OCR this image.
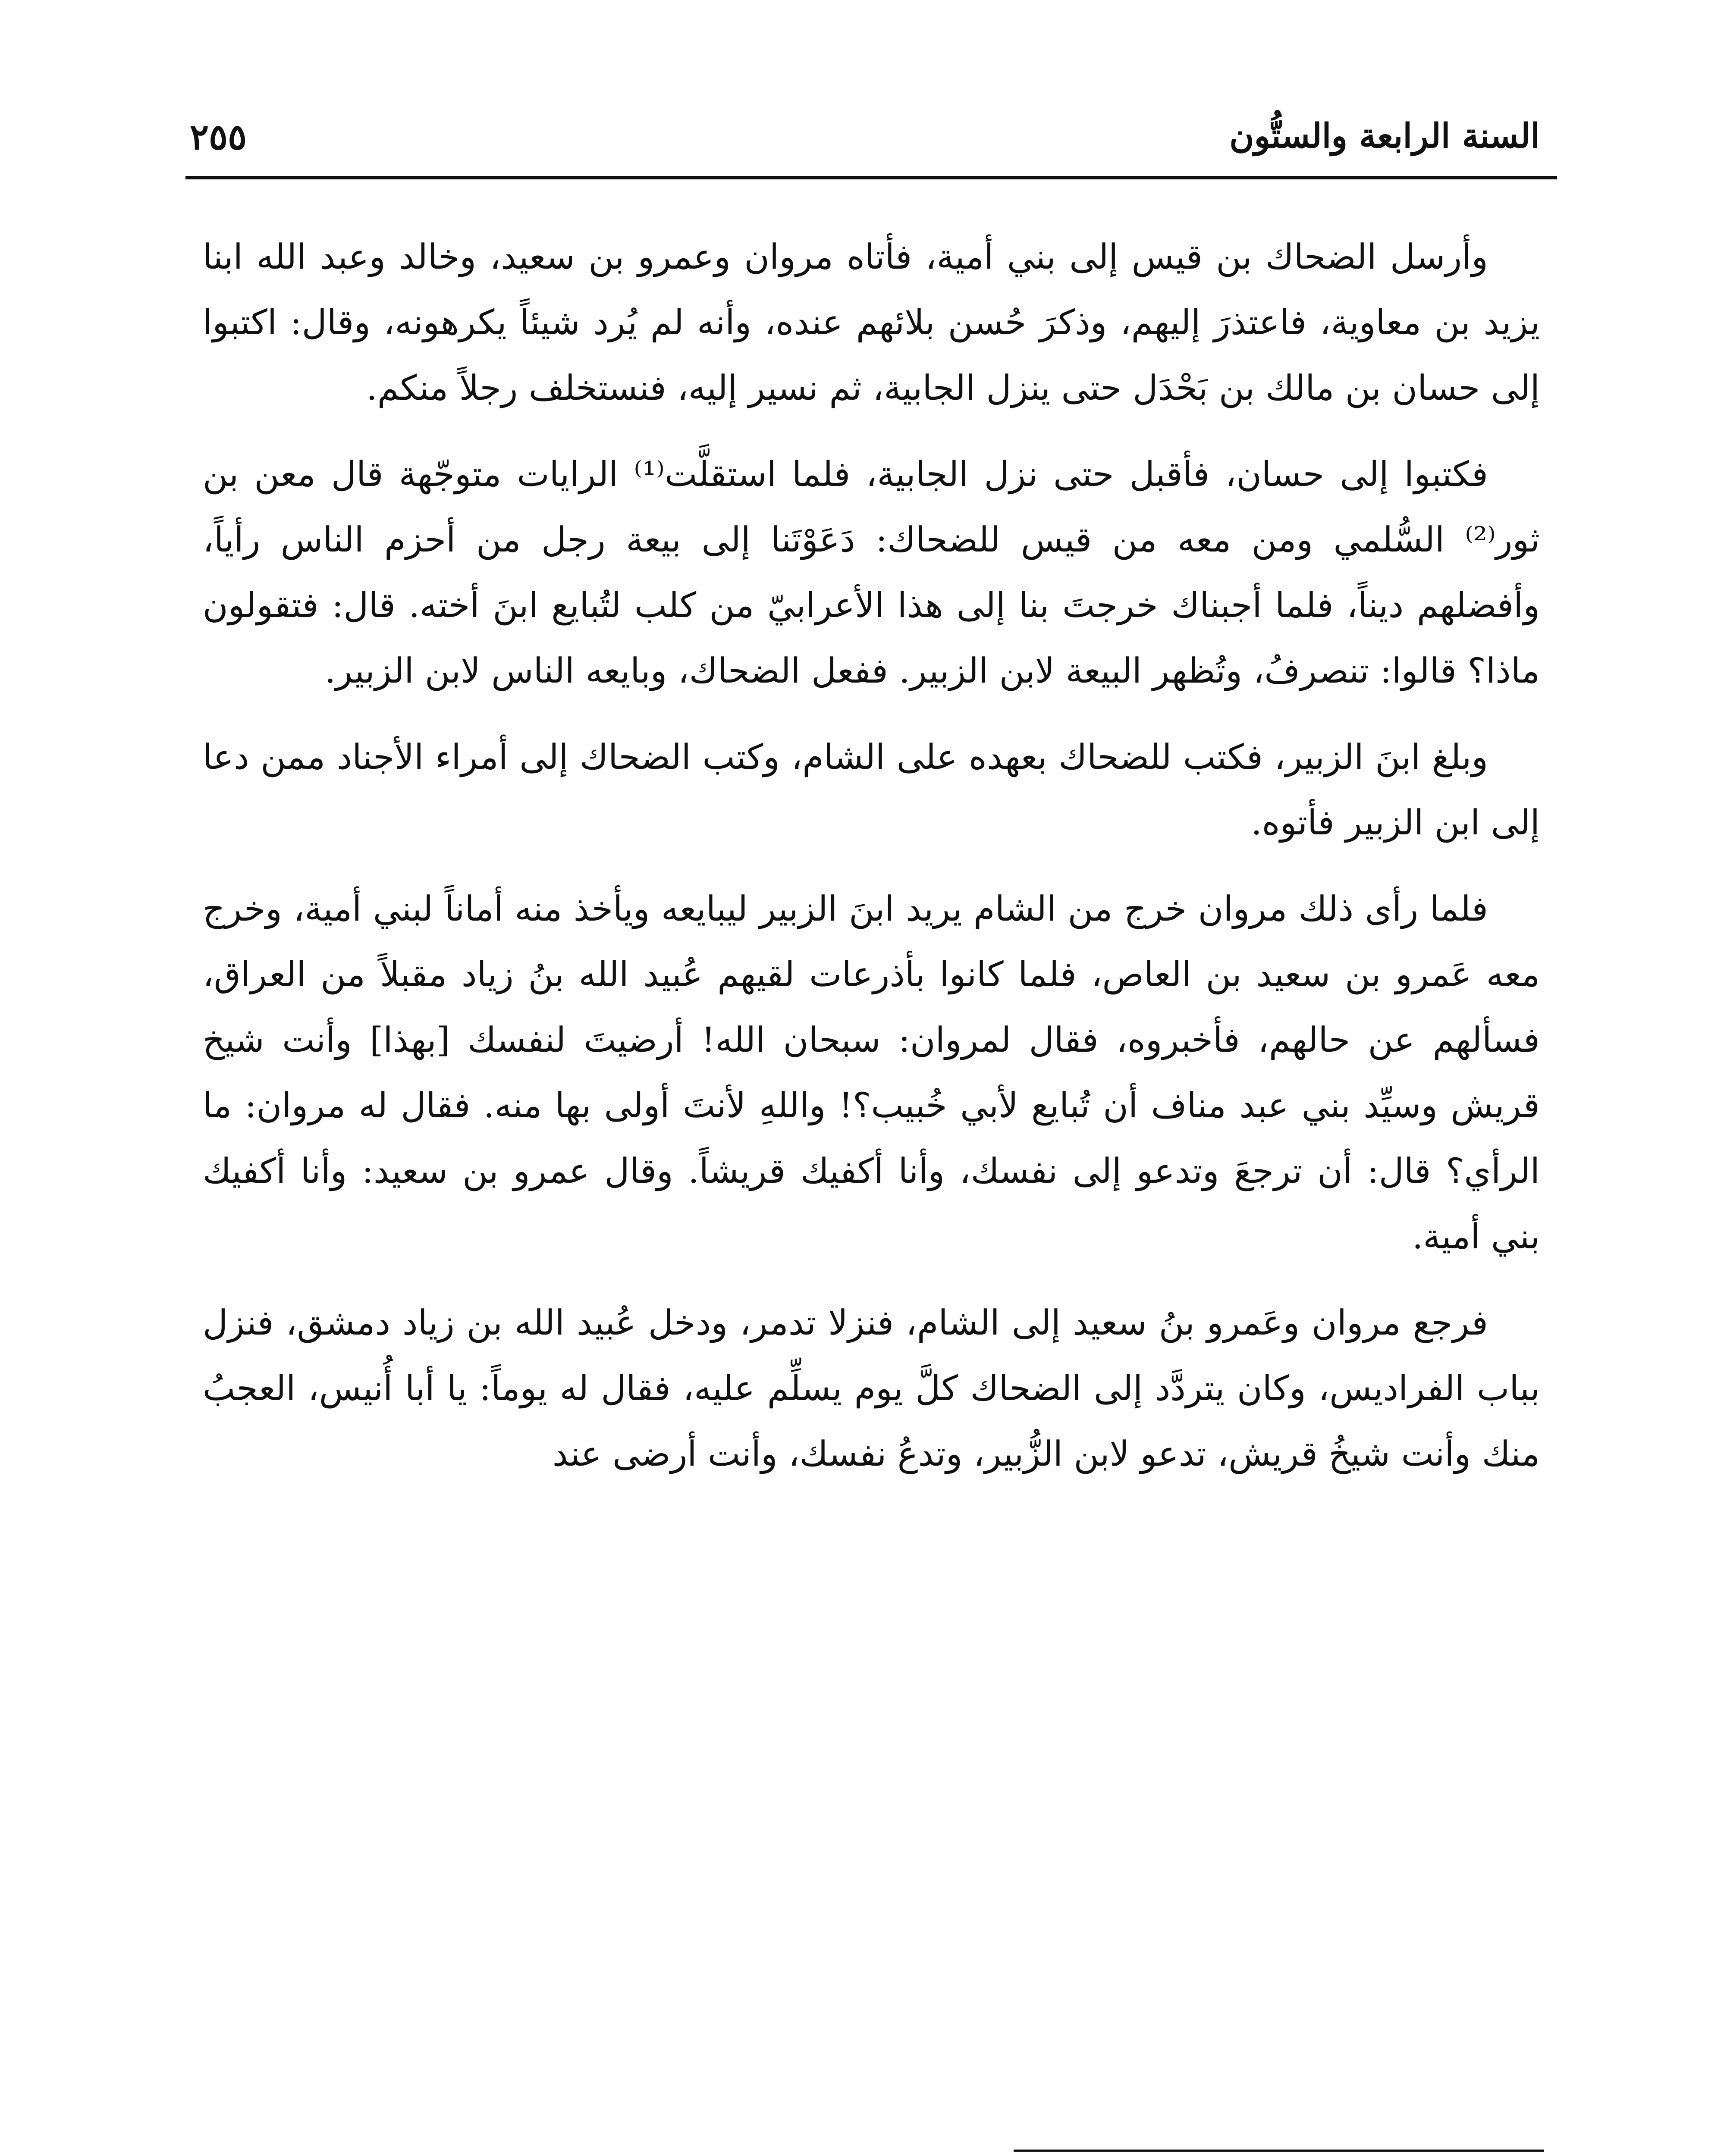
السنة الرابعة والستُّون
٢٥٥

وأرسل الضحاك بن قيس إلى بني أمية، فأتاه مروان وعمرو بن سعيد، وخالد وعبد الله ابنا يزيد بن معاوية، فاعتذرَ إليهم، وذكرَ حُسن بلائهم عنده، وأنه لم يُرد شيئاً يكرهونه، وقال: اكتبوا إلى حسان بن مالك بن بَحْدَل حتى ينزل الجابية، ثم نسير إليه، فنستخلف رجلاً منكم.

فكتبوا إلى حسان، فأقبل حتى نزل الجابية، فلما استقلَّت⁽¹⁾ الرايات متوجّهة قال معن بن ثور⁽²⁾ السُّلمي ومن معه من قيس للضحاك: دَعَوْتَنا إلى بيعة رجل من أحزم الناس رأياً، وأفضلهم ديناً، فلما أجبناك خرجتَ بنا إلى هذا الأعرابيّ من كلب لتُبايع ابنَ أخته. قال: فتقولون ماذا؟ قالوا: تنصرفُ، وتُظهر البيعة لابن الزبير. ففعل الضحاك، وبايعه الناس لابن الزبير.

وبلغ ابنَ الزبير، فكتب للضحاك بعهده على الشام، وكتب الضحاك إلى أمراء الأجناد ممن دعا إلى ابن الزبير فأتوه.

فلما رأى ذلك مروان خرج من الشام يريد ابنَ الزبير ليبايعه ويأخذ منه أماناً لبني أمية، وخرج معه عَمرو بن سعيد بن العاص، فلما كانوا بأذرعات لقيهم عُبيد الله بنُ زياد مقبلاً من العراق، فسألهم عن حالهم، فأخبروه، فقال لمروان: سبحان الله! أرضيتَ لنفسك [بهذا] وأنت شيخ قريش وسيِّد بني عبد مناف أن تُبايع لأبي خُبيب؟! واللهِ لأنتَ أولى بها منه. فقال له مروان: ما الرأي؟ قال: أن ترجعَ وتدعو إلى نفسك، وأنا أكفيك قريشاً. وقال عمرو بن سعيد: وأنا أكفيك بني أمية.

فرجع مروان وعَمرو بنُ سعيد إلى الشام، فنزلا تدمر، ودخل عُبيد الله بن زياد دمشق، فنزل بباب الفراديس، وكان يتردَّد إلى الضحاك كلَّ يوم يسلِّم عليه، فقال له يوماً: يا أبا أُنيس، العجبُ منك وأنت شيخُ قريش، تدعو لابن الزُّبير، وتدعُ نفسك، وأنت أرضى عند
